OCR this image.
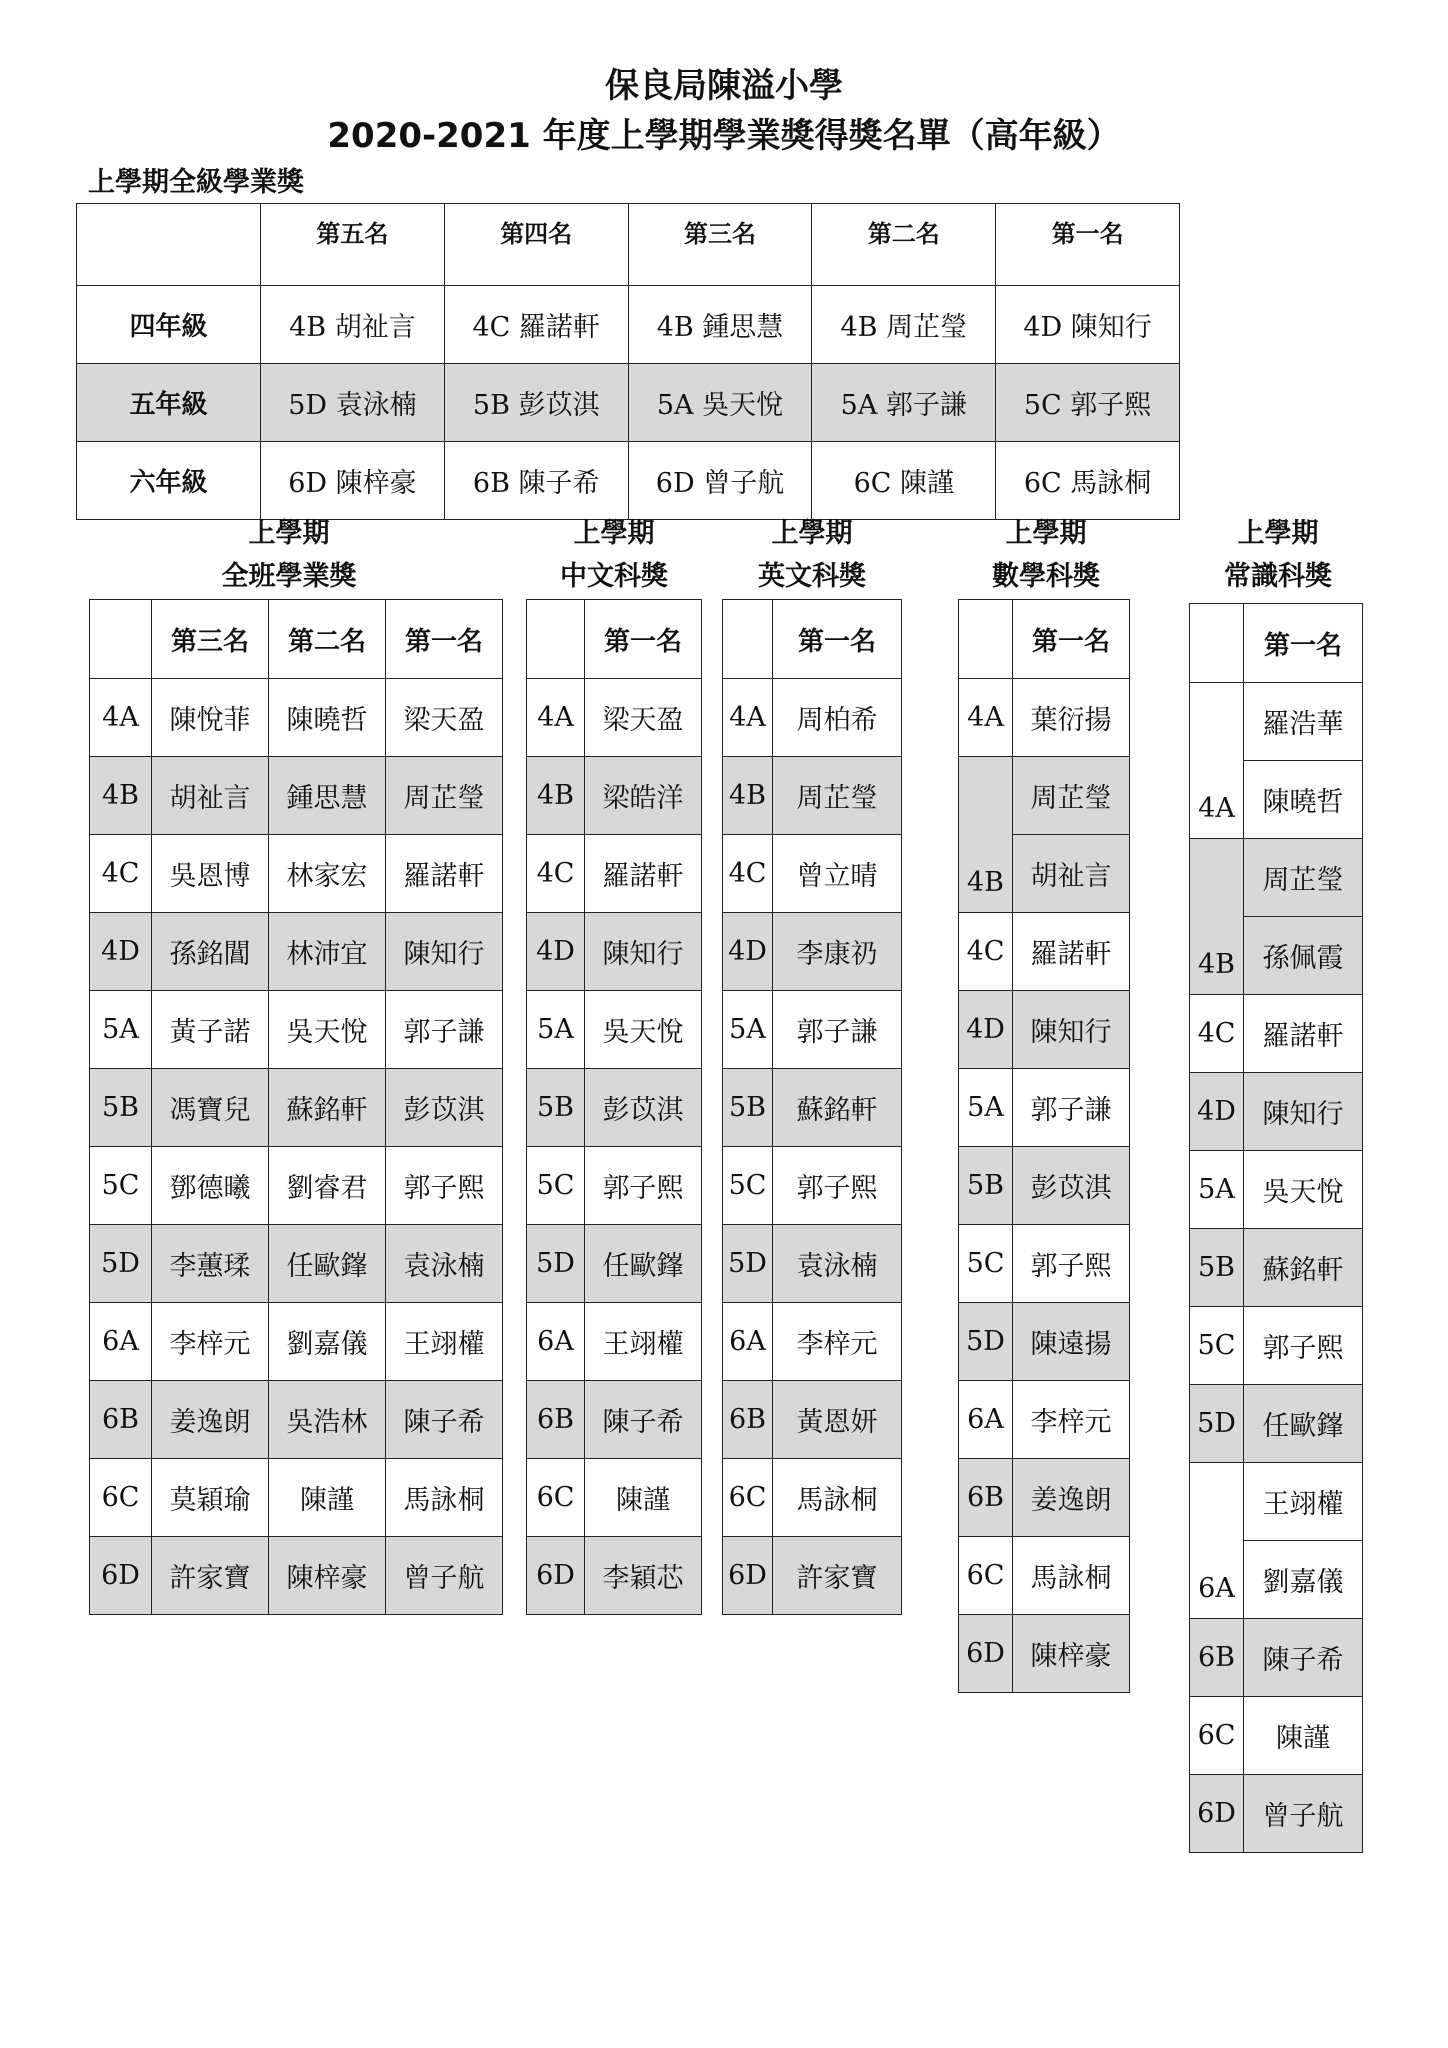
保良局陳溢小學
2020-2021 年度上學期學業獎得獎名單（高年級）
上學期全級學業獎
	第五名	第四名	第三名	第二名	第一名
四年級	4B 胡祉言	4C 羅諾軒	4B 鍾思慧	4B 周芷瑩	4D 陳知行
五年級	5D 袁泳楠	5B 彭苡淇	5A 吳天悅	5A 郭子謙	5C 郭子熙
六年級	6D 陳梓豪	6B 陳子希	6D 曾子航	6C 陳謹	6C 馬詠桐
上學期
全班學業獎
上學期
中文科獎
上學期
英文科獎
上學期
數學科獎
上學期
常識科獎
	第三名	第二名	第一名
4A	陳悅菲	陳曉哲	梁天盈
4B	胡祉言	鍾思慧	周芷瑩
4C	吳恩博	林家宏	羅諾軒
4D	孫銘閶	林沛宜	陳知行
5A	黃子諾	吳天悅	郭子謙
5B	馮寶兒	蘇銘軒	彭苡淇
5C	鄧德曦	劉睿君	郭子熙
5D	李蕙瑈	任歐鎽	袁泳楠
6A	李梓元	劉嘉儀	王翊權
6B	姜逸朗	吳浩林	陳子希
6C	莫穎瑜	陳謹	馬詠桐
6D	許家寶	陳梓豪	曾子航
	第一名
4A	梁天盈
4B	梁皓洋
4C	羅諾軒
4D	陳知行
5A	吳天悅
5B	彭苡淇
5C	郭子熙
5D	任歐鎽
6A	王翊權
6B	陳子希
6C	陳謹
6D	李穎芯
	第一名
4A	周柏希
4B	周芷瑩
4C	曾立晴
4D	李康礽
5A	郭子謙
5B	蘇銘軒
5C	郭子熙
5D	袁泳楠
6A	李梓元
6B	黃恩妍
6C	馬詠桐
6D	許家寶
	第一名
4A	葉衍揚
4B	周芷瑩
	胡祉言
4C	羅諾軒
4D	陳知行
5A	郭子謙
5B	彭苡淇
5C	郭子熙
5D	陳遠揚
6A	李梓元
6B	姜逸朗
6C	馬詠桐
6D	陳梓豪
	第一名
4A	羅浩華
	陳曉哲
4B	周芷瑩
	孫佩霞
4C	羅諾軒
4D	陳知行
5A	吳天悅
5B	蘇銘軒
5C	郭子熙
5D	任歐鎽
6A	王翊權
	劉嘉儀
6B	陳子希
6C	陳謹
6D	曾子航
